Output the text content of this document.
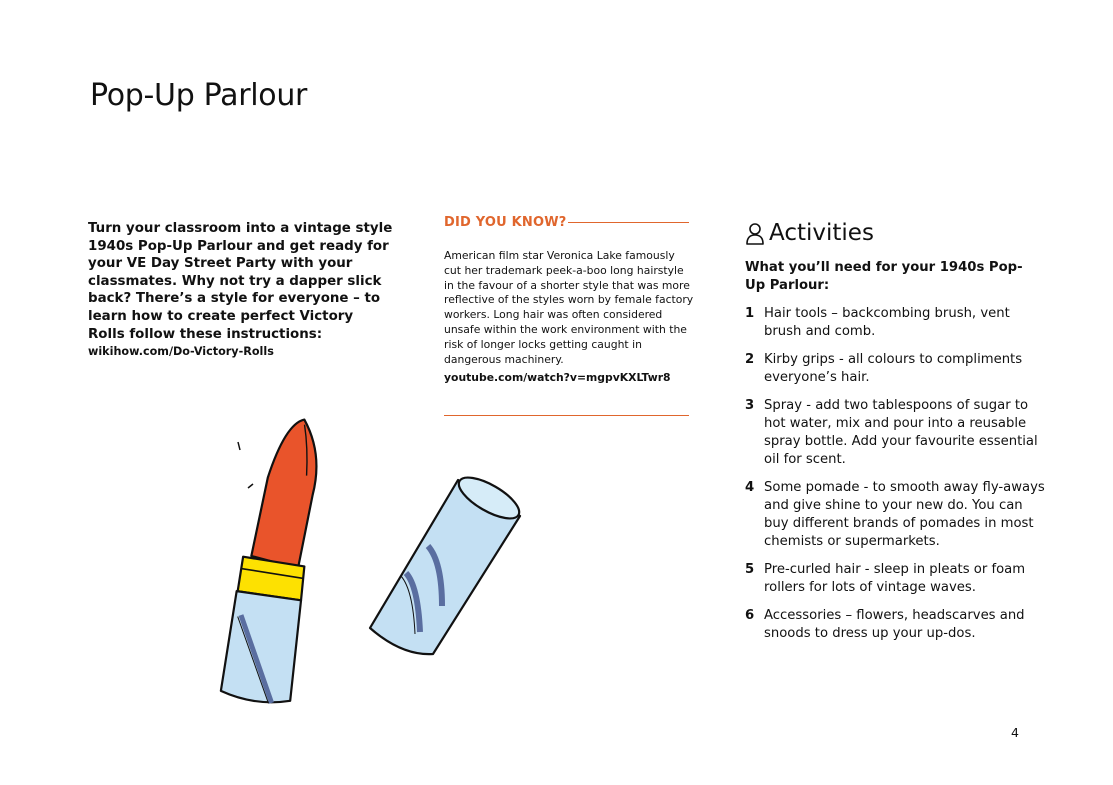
Pop-Up Parlour

Turn your classroom into a vintage style 1940s Pop-Up Parlour and get ready for your VE Day Street Party with your classmates. Why not try a dapper slick back? There’s a style for everyone – to learn how to create perfect Victory Rolls follow these instructions: wikihow.com/Do-Victory-Rolls

DID YOU KNOW?

American film star Veronica Lake famously cut her trademark peek-a-boo long hairstyle in the favour of a shorter style that was more reflective of the styles worn by female factory workers. Long hair was often considered unsafe within the work environment with the risk of longer locks getting caught in dangerous machinery.

youtube.com/watch?v=mgpvKXLTwr8

Activities

What you’ll need for your 1940s Pop-Up Parlour:

1 Hair tools – backcombing brush, vent brush and comb.
2 Kirby grips - all colours to compliments everyone’s hair.
3 Spray - add two tablespoons of sugar to hot water, mix and pour into a reusable spray bottle. Add your favourite essential oil for scent.
4 Some pomade - to smooth away fly-aways and give shine to your new do. You can buy different brands of pomades in most chemists or supermarkets.
5 Pre-curled hair - sleep in pleats or foam rollers for lots of vintage waves.
6 Accessories – flowers, headscarves and snoods to dress up your up-dos.
4
